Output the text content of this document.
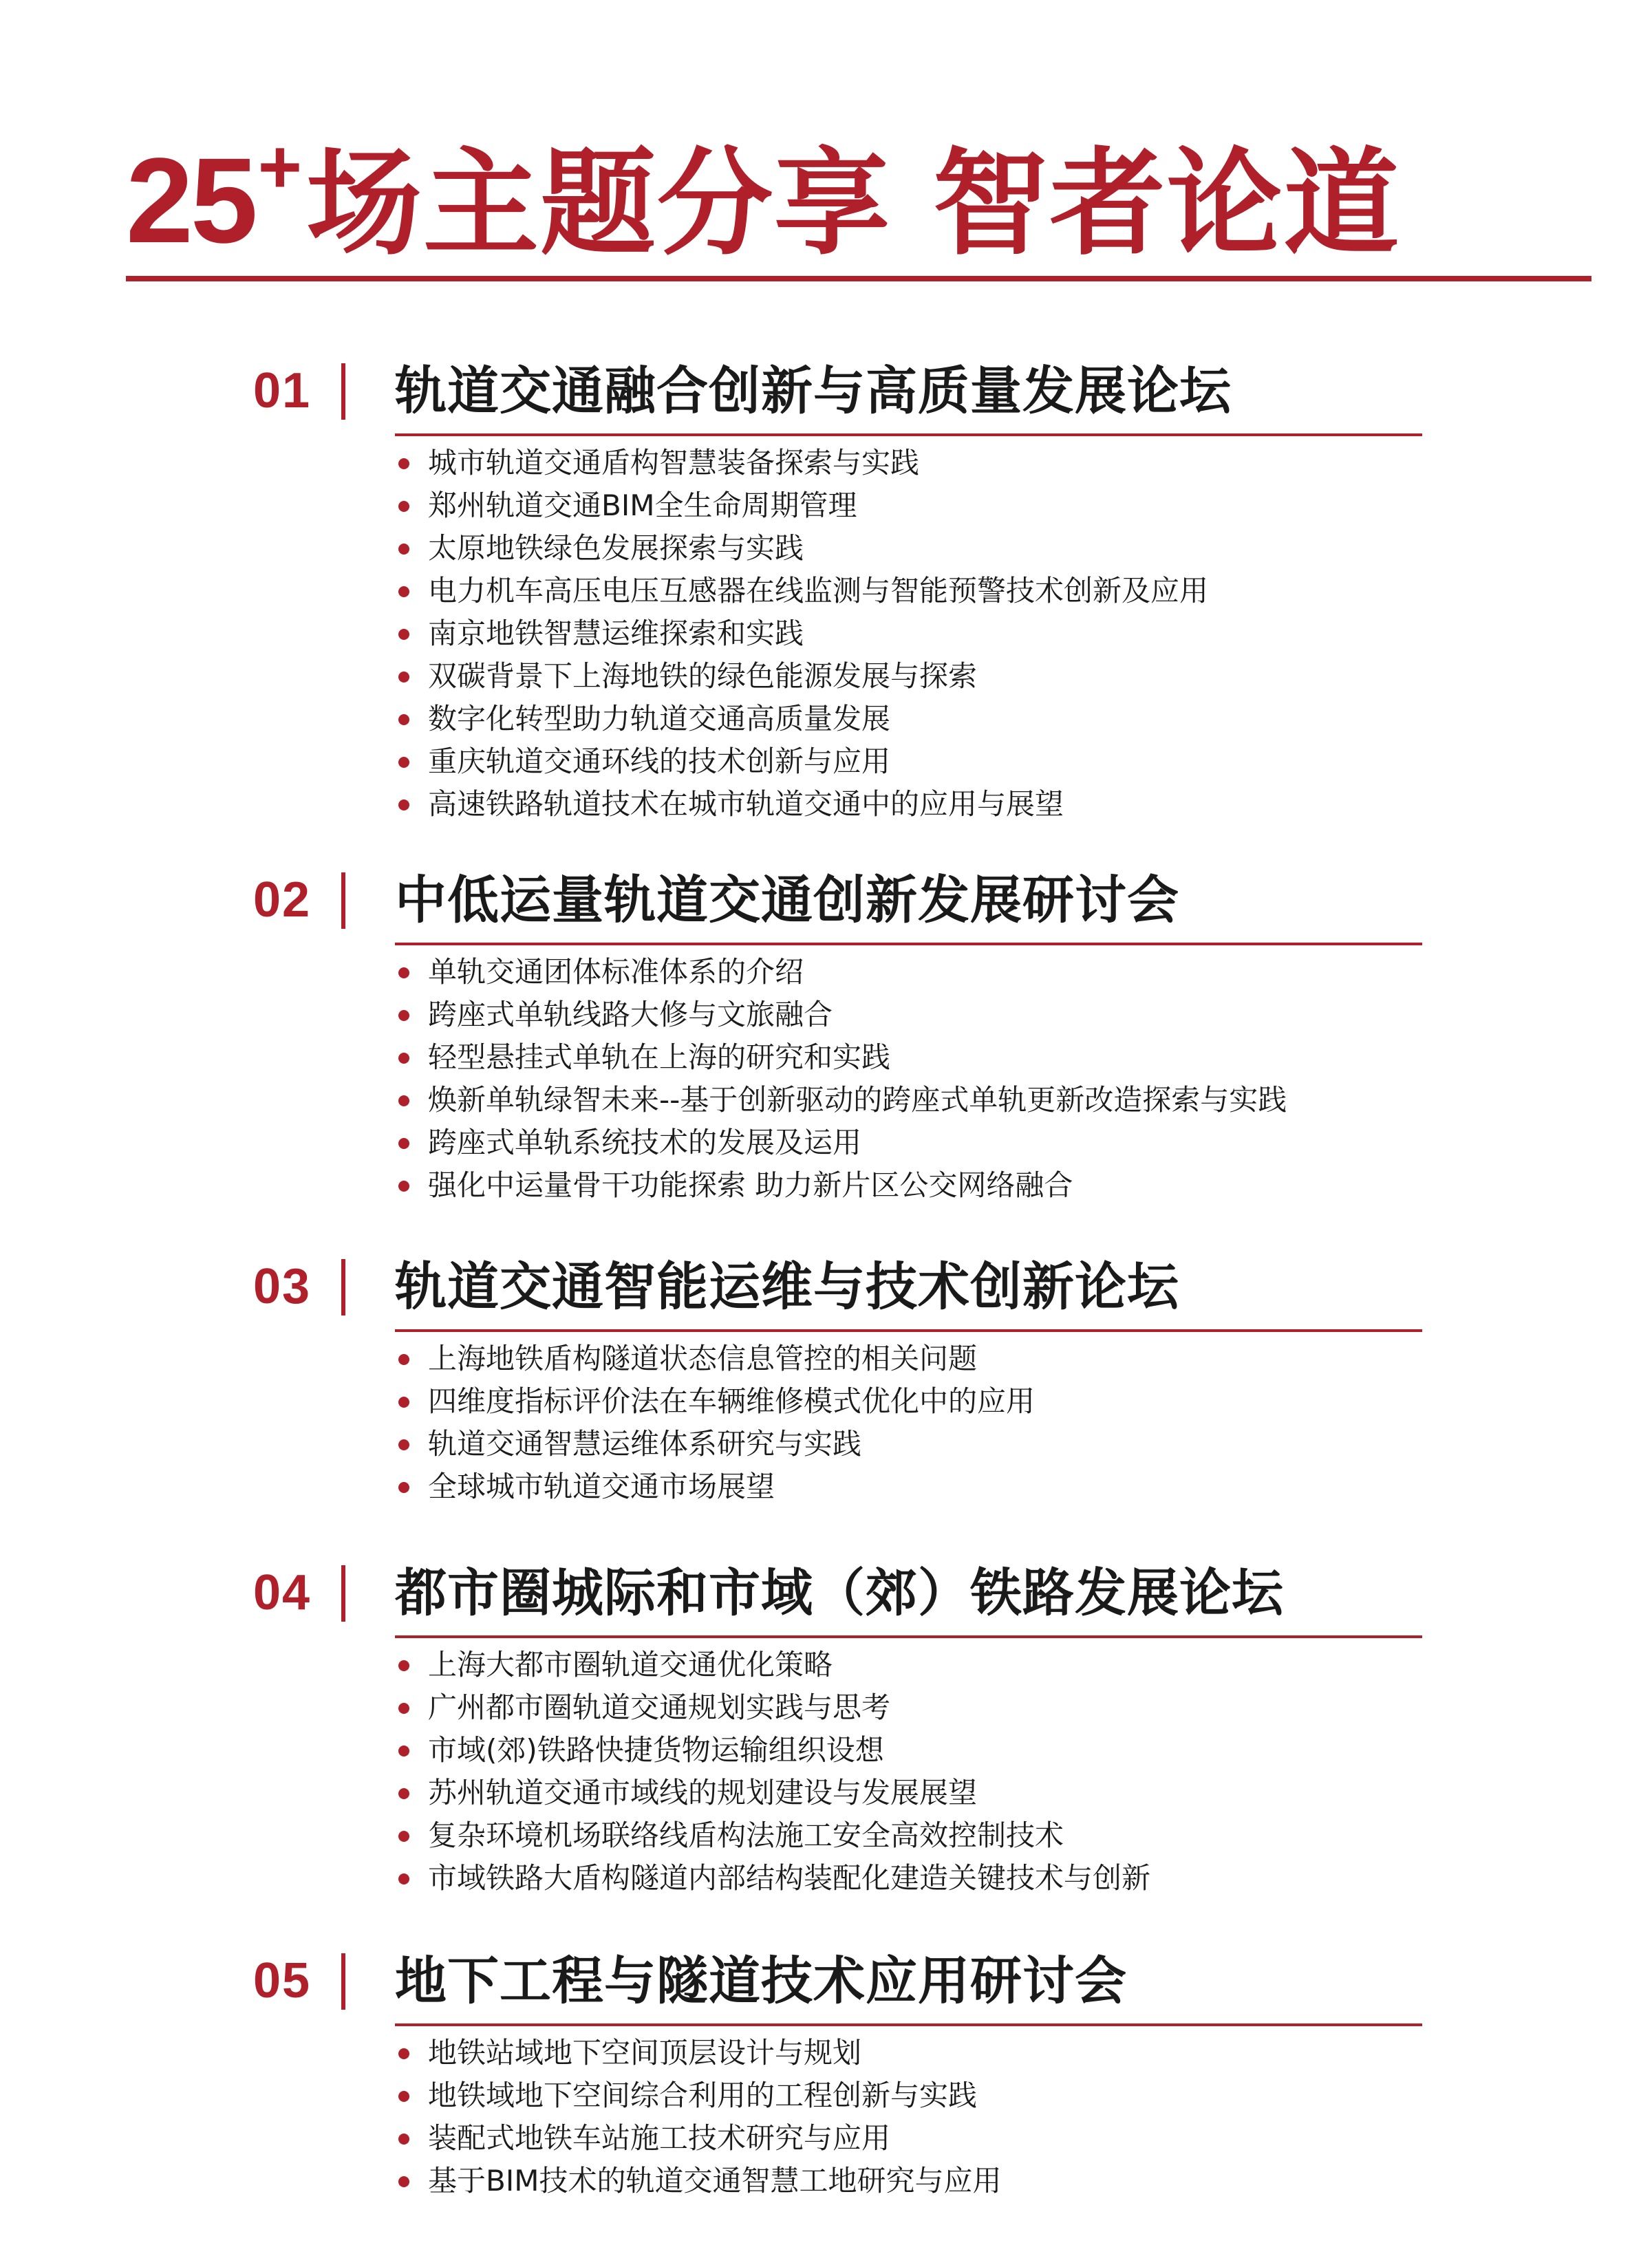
25 + 场主题分享 智者论道
01	轨道交通融合创新与高质量发展论坛
城市轨道交通盾构智慧装备探索与实践
郑州轨道交通BIM全生命周期管理
太原地铁绿色发展探索与实践
电力机车高压电压互感器在线监测与智能预警技术创新及应用
南京地铁智慧运维探索和实践
双碳背景下上海地铁的绿色能源发展与探索
数字化转型助力轨道交通高质量发展
重庆轨道交通环线的技术创新与应用
高速铁路轨道技术在城市轨道交通中的应用与展望
02	中低运量轨道交通创新发展研讨会
单轨交通团体标准体系的介绍
跨座式单轨线路大修与文旅融合
轻型悬挂式单轨在上海的研究和实践
焕新单轨绿智未来--基于创新驱动的跨座式单轨更新改造探索与实践
跨座式单轨系统技术的发展及运用
强化中运量骨干功能探索 助力新片区公交网络融合
03	轨道交通智能运维与技术创新论坛
上海地铁盾构隧道状态信息管控的相关问题
四维度指标评价法在车辆维修模式优化中的应用
轨道交通智慧运维体系研究与实践
全球城市轨道交通市场展望
04	都市圈城际和市域（郊）铁路发展论坛
上海大都市圈轨道交通优化策略
广州都市圈轨道交通规划实践与思考
市域(郊)铁路快捷货物运输组织设想
苏州轨道交通市域线的规划建设与发展展望
复杂环境机场联络线盾构法施工安全高效控制技术
市域铁路大盾构隧道内部结构装配化建造关键技术与创新
05	地下工程与隧道技术应用研讨会
地铁站域地下空间顶层设计与规划
地铁域地下空间综合利用的工程创新与实践
装配式地铁车站施工技术研究与应用
基于BIM技术的轨道交通智慧工地研究与应用
